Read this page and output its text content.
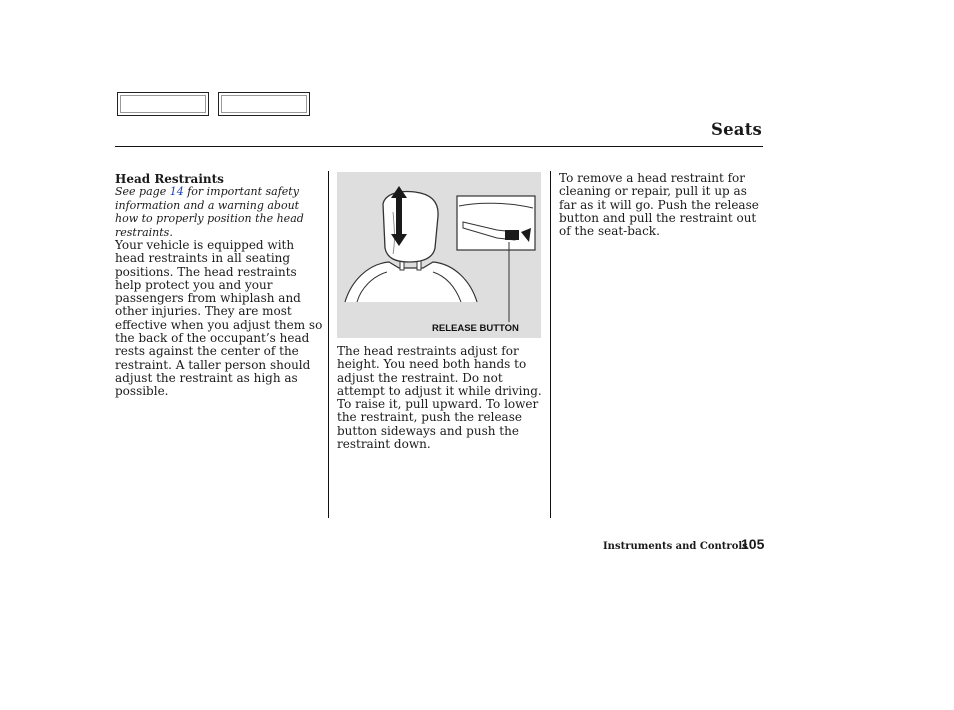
Seats
Head Restraints
See page 14 for important safety information and a warning about how to properly position the head restraints.
Your vehicle is equipped with head restraints in all seating positions. The head restraints help protect you and your passengers from whiplash and other injuries. They are most effective when you adjust them so the back of the occupant’s head rests against the center of the restraint. A taller person should adjust the restraint as high as possible.
RELEASE BUTTON
The head restraints adjust for height. You need both hands to adjust the restraint. Do not attempt to adjust it while driving. To raise it, pull upward. To lower the restraint, push the release button sideways and push the restraint down.
To remove a head restraint for cleaning or repair, pull it up as far as it will go. Push the release button and pull the restraint out of the seat-back.
Instruments and Controls
105
